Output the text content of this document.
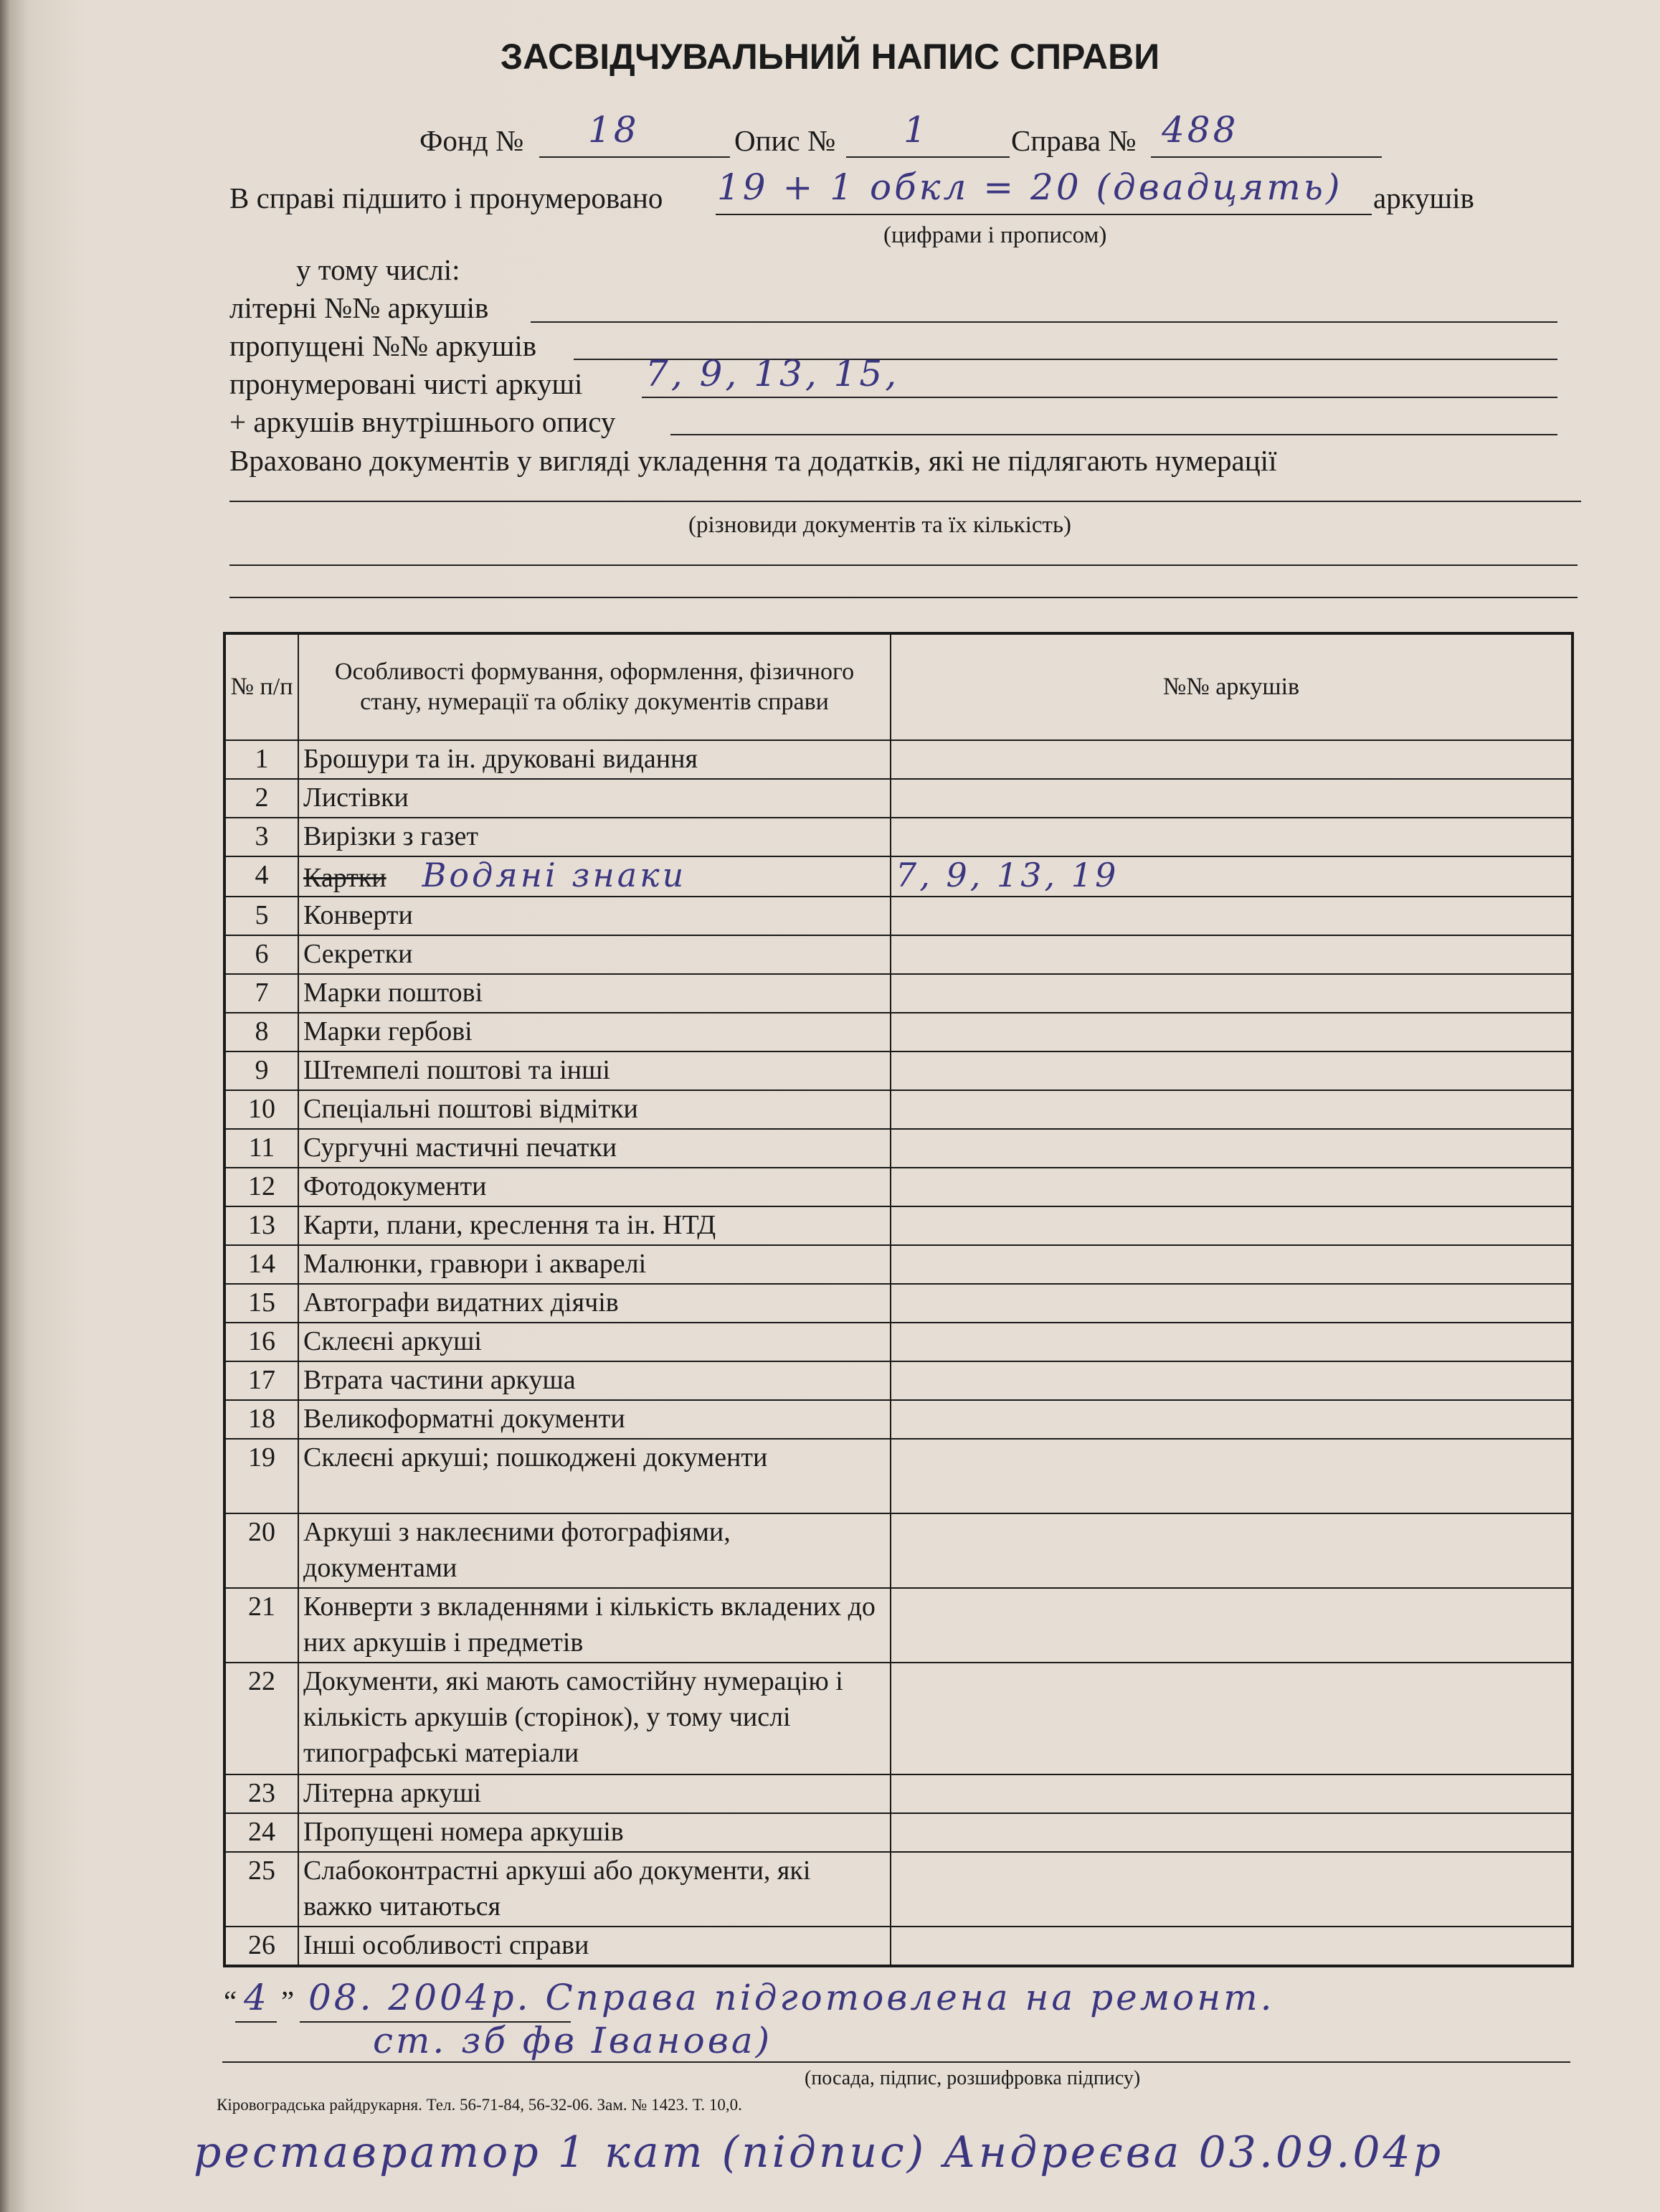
ЗАСВІДЧУВАЛЬНИЙ НАПИС СПРАВИ
Фонд № 18	Опис № 1	Справа № 488
В справі підшито і пронумеровано 19 + 1 обкл = 20 (двадцять) аркушів
(цифрами і прописом)
у тому числі:
літерні №№ аркушів
пропущені №№ аркушів
пронумеровані чисті аркуші 7, 9, 13, 15,
+ аркушів внутрішнього опису
Враховано документів у вигляді укладення та додатків, які не підлягають нумерації
(різновиди документів та їх кількість)
№ п/п	Особливості формування, оформлення, фізичного стану, нумерації та обліку документів справи	№№ аркушів
1	Брошури та ін. друковані видання	
2	Листівки	
3	Вирізки з газет	
4	Картки Водяні знаки	7, 9, 13, 19
5	Конверти	
6	Секретки	
7	Марки поштові	
8	Марки гербові	
9	Штемпелі поштові та інші	
10	Спеціальні поштові відмітки	
11	Сургучні мастичні печатки	
12	Фотодокументи	
13	Карти, плани, креслення та ін. НТД	
14	Малюнки, гравюри і акварелі	
15	Автографи видатних діячів	
16	Склеєні аркуші	
17	Втрата частини аркуша	
18	Великоформатні документи	
19	Склеєні аркуші; пошкоджені документи	
20	Аркуші з наклеєними фотографіями, документами	
21	Конверти з вкладеннями і кількість вкладених до них аркушів і предметів	
22	Документи, які мають самостійну нумерацію і кількість аркушів (сторінок), у тому числі типографські матеріали	
23	Літерна аркуші	
24	Пропущені номера аркушів	
25	Слабоконтрастні аркуші або документи, які важко читаються	
26	Інші особливості справи	
“ 4 ” 08. 2004р. Справа підготовлена на ремонт.
ст. зб фв Іванова)
(посада, підпис, розшифровка підпису)
Кіровоградська райдрукарня. Тел. 56-71-84, 56-32-06. Зам. № 1423. Т. 10,0.
реставратор 1 кат (підпис) Андреєва 03.09.04р
